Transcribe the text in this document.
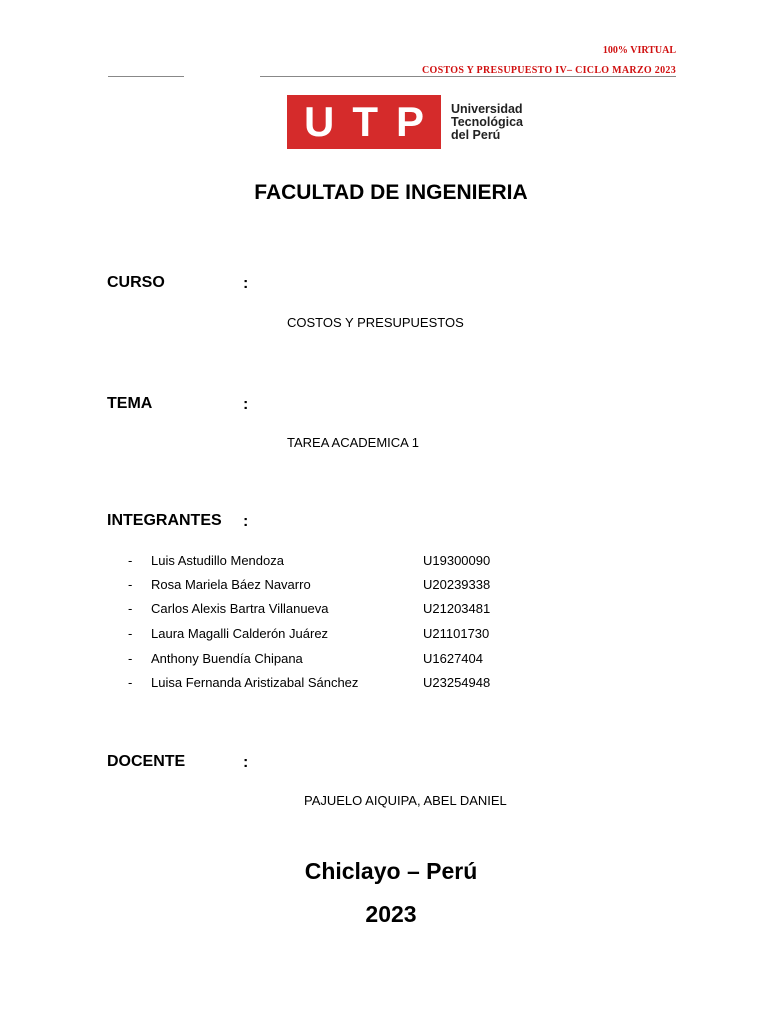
100% VIRTUAL
COSTOS Y PRESUPUESTO IV– CICLO MARZO 2023
U T P Universidad
Tecnológica
del Perú
FACULTAD DE INGENIERIA
CURSO	:
COSTOS Y PRESUPUESTOS
TEMA	:
TAREA ACADEMICA 1
INTEGRANTES :
-	Luis Astudillo Mendoza	U19300090
-	Rosa Mariela Báez Navarro	U20239338
-	Carlos Alexis Bartra Villanueva	U21203481
-	Laura Magalli Calderón Juárez	U21101730
-	Anthony Buendía Chipana	U1627404
-	Luisa Fernanda Aristizabal Sánchez	U23254948
DOCENTE	:
PAJUELO AIQUIPA, ABEL DANIEL
Chiclayo – Perú
2023
